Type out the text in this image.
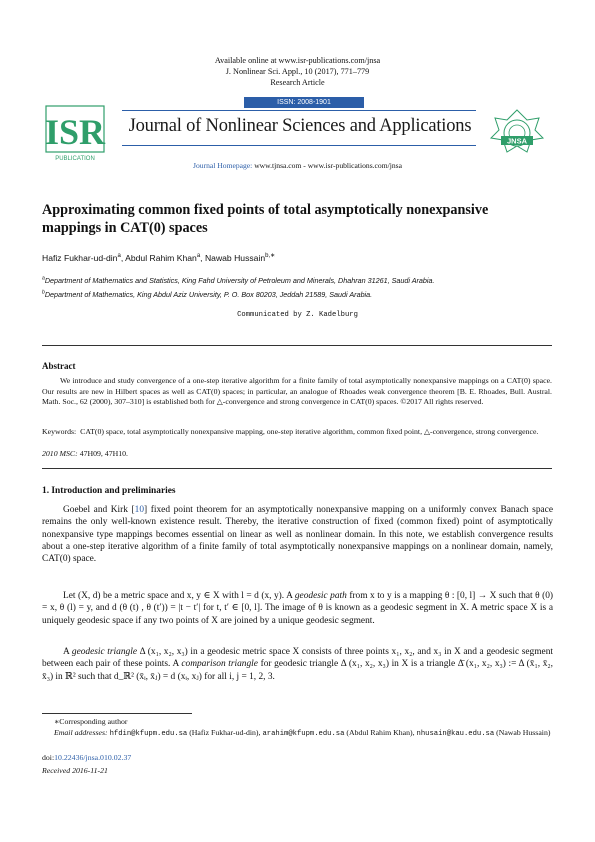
Available online at www.isr-publications.com/jnsa
J. Nonlinear Sci. Appl., 10 (2017), 771–779
Research Article
ISR
PUBLICATION
ISSN: 2008-1901
Journal of Nonlinear Sciences and Applications
JNSA
Journal Homepage: www.tjnsa.com - www.isr-publications.com/jnsa
Approximating common fixed points of total asymptotically nonexpansive
mappings in CAT(0) spaces
Hafiz Fukhar-ud-din$^a$, Abdul Rahim Khan$^a$, Nawab Hussain$^{b,∗}$
$^a$Department of Mathematics and Statistics, King Fahd University of Petroleum and Minerals, Dhahran 31261, Saudi Arabia.
$^b$Department of Mathematics, King Abdul Aziz University, P. O. Box 80203, Jeddah 21589, Saudi Arabia.
Communicated by Z. Kadelburg
Abstract
We introduce and study convergence of a one-step iterative algorithm for a finite family of total asymptotically nonexpansive mappings on a CAT(0) space. Our results are new in Hilbert spaces as well as CAT(0) spaces; in particular, an analogue of Rhoades weak convergence theorem [B. E. Rhoades, Bull. Austral. Math. Soc., 62 (2000), 307–310] is established both for △-convergence and strong convergence in CAT(0) spaces. ©2017 All rights reserved.
Keywords: CAT(0) space, total asymptotically nonexpansive mapping, one-step iterative algorithm, common fixed point, △-convergence, strong convergence.
2010 MSC: 47H09, 47H10.
1. Introduction and preliminaries
Goebel and Kirk [10] fixed point theorem for an asymptotically nonexpansive mapping on a uniformly convex Banach space remains the only well-known existence result. Thereby, the iterative construction of fixed (common fixed) point of asymptotically nonexpansive type mappings becomes essential on linear as well as nonlinear domain. In this note, we establish convergence results about a one-step iterative algorithm of a finite family of total asymptotically nonexpansive mappings on a nonlinear domain, namely, CAT(0) space.
Let (X, d) be a metric space and x, y ∈ X with l = d (x, y). A geodesic path from x to y is a mapping θ : [0, l] → X such that θ (0) = x, θ (l) = y, and d (θ (t) , θ (t′)) = |t − t′| for t, t′ ∈ [0, l]. The image of θ is known as a geodesic segment in X. A metric space X is a uniquely geodesic space if any two points of X are joined by a unique geodesic segment.
A geodesic triangle Δ (x₁, x₂, x₃) in a geodesic metric space X consists of three points x₁, x₂, and x₃ in X and a geodesic segment between each pair of these points. A comparison triangle for geodesic triangle Δ (x₁, x₂, x₃) in X is a triangle Δ̄ (x₁, x₂, x₃) := Δ (x̄₁, x̄₂, x̄₃) in ℝ² such that d_ℝ² (x̄ᵢ, x̄ⱼ) = d (xᵢ, xⱼ) for all i, j = 1, 2, 3.
∗Corresponding author
Email addresses: hfdin@kfupm.edu.sa (Hafiz Fukhar-ud-din), arahim@kfupm.edu.sa (Abdul Rahim Khan), nhusain@kau.edu.sa (Nawab Hussain)
doi:10.22436/jnsa.010.02.37
Received 2016-11-21
